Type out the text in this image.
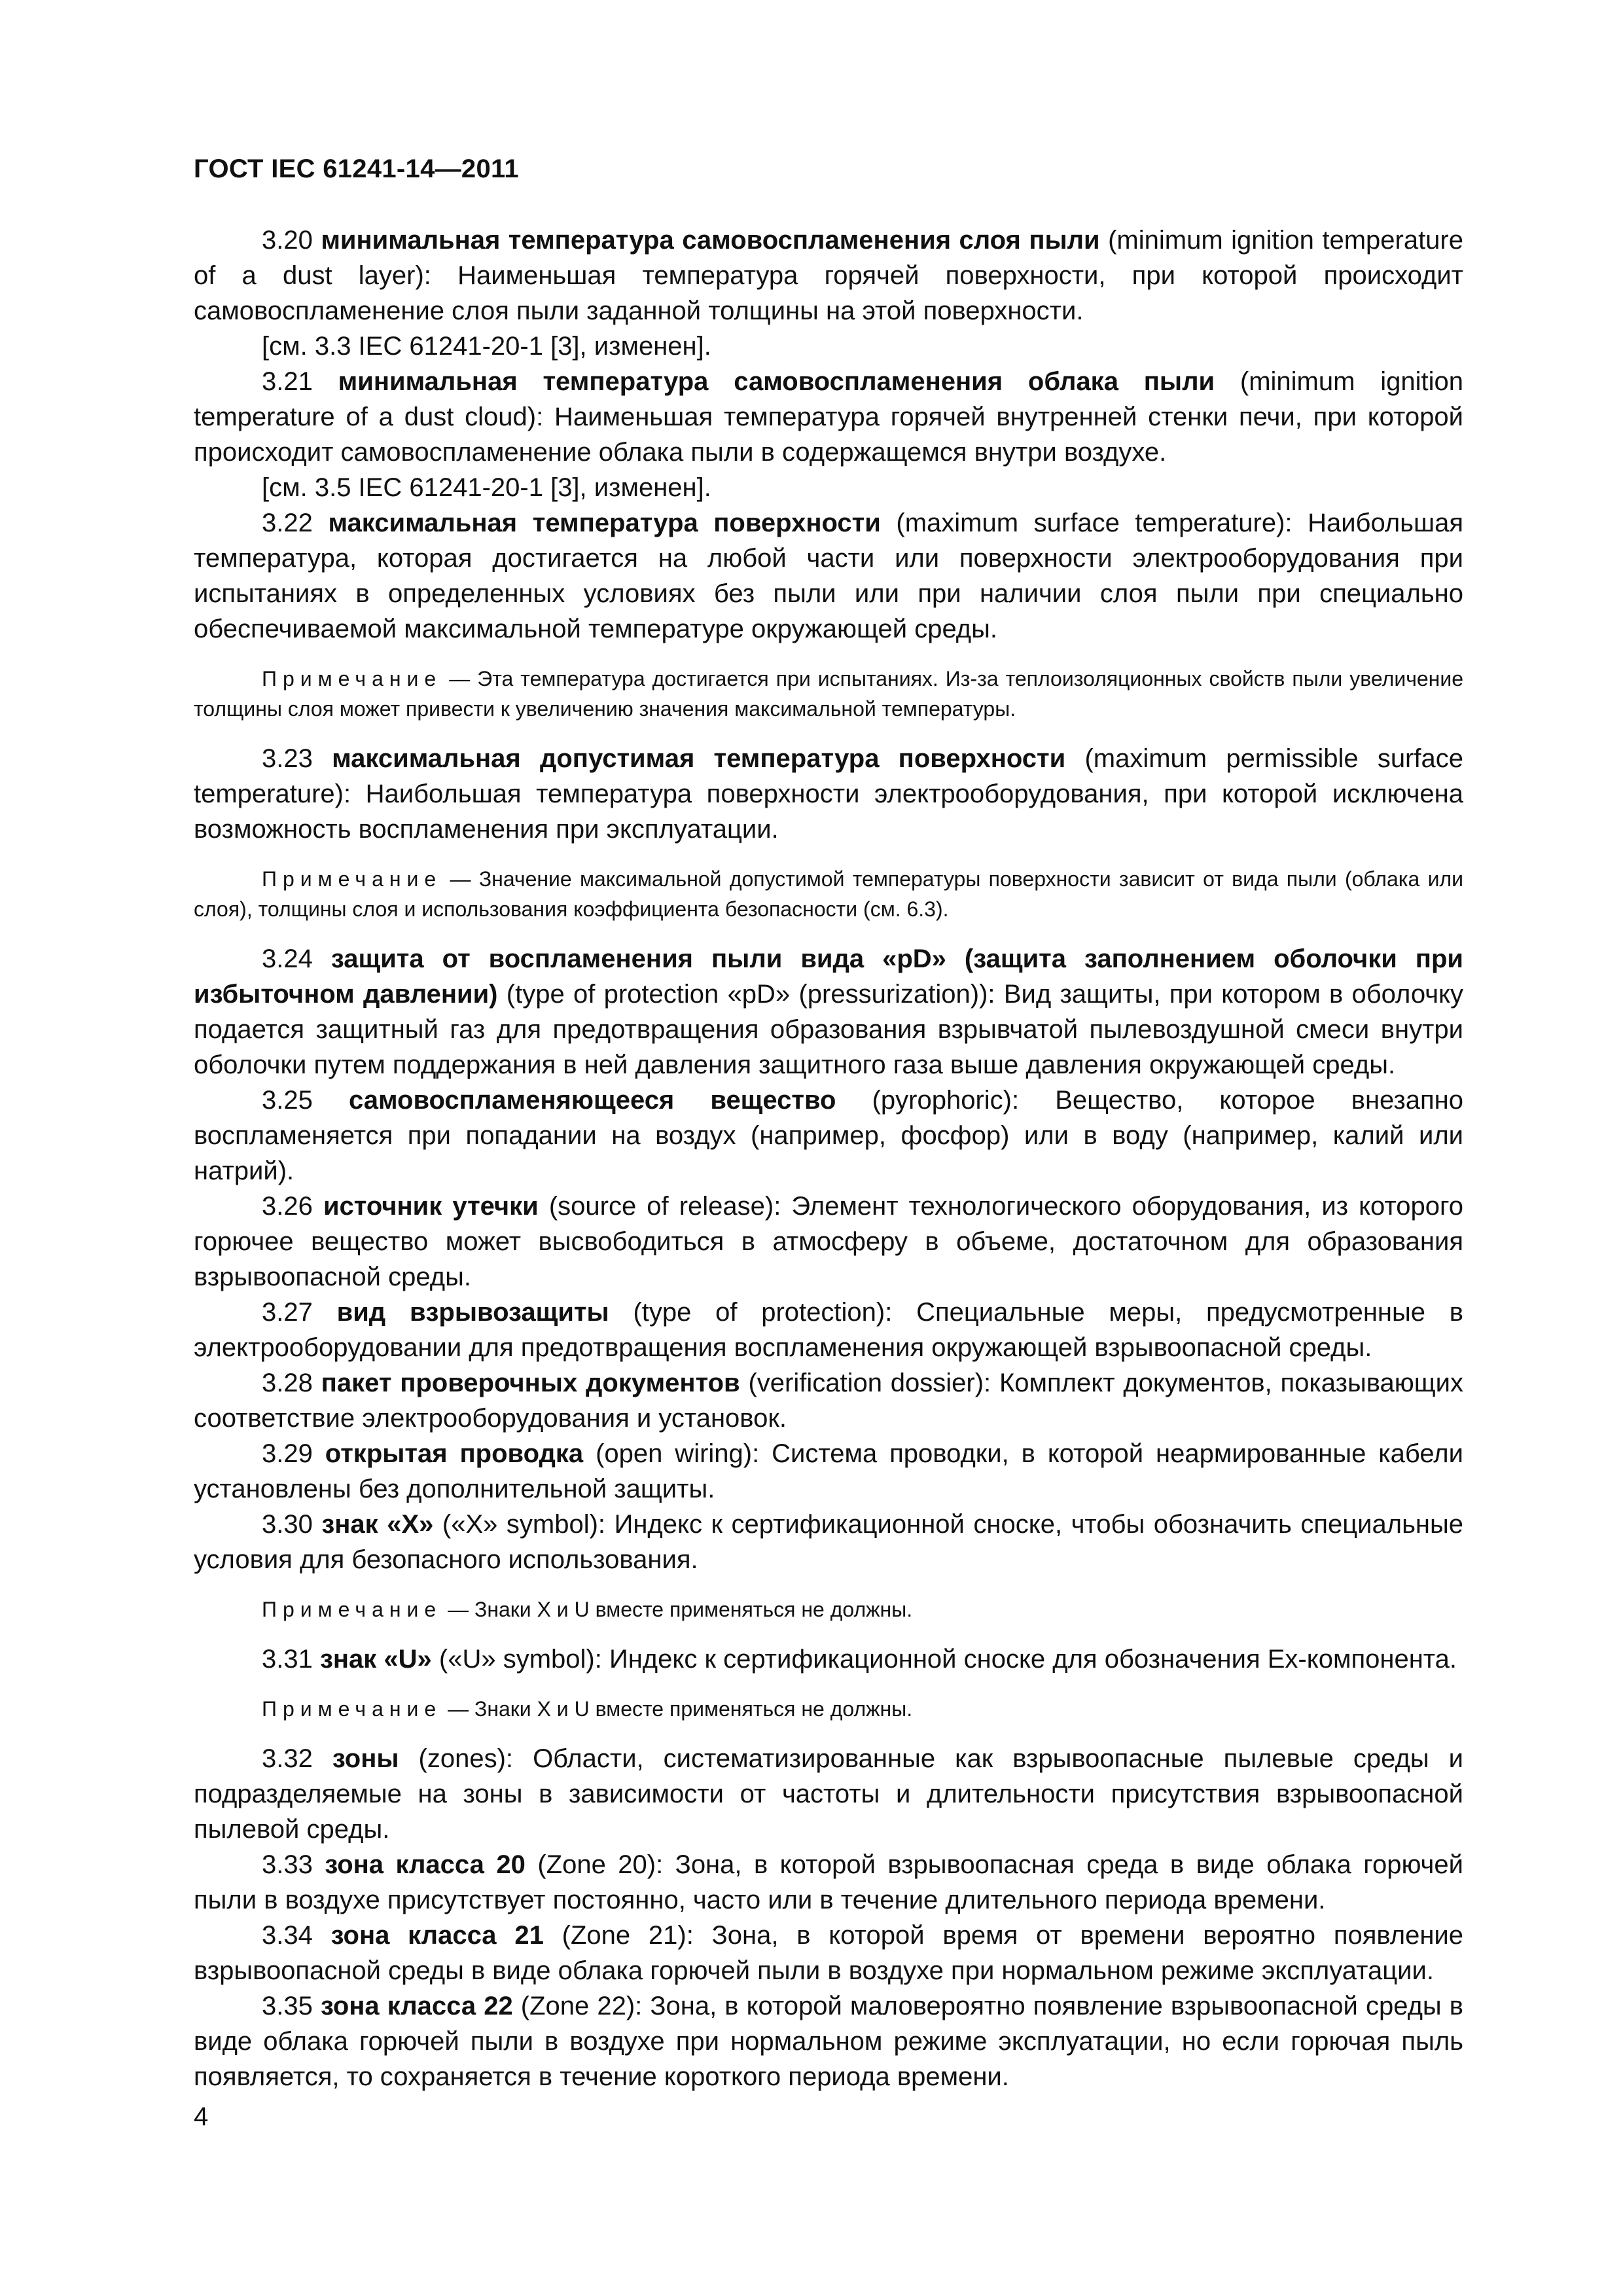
ГОСТ IEC 61241-14—2011

3.20 минимальная температура самовоспламенения слоя пыли (minimum ignition temperature of a dust layer): Наименьшая температура горячей поверхности, при которой происходит самовоспламенение слоя пыли заданной толщины на этой поверхности.

[см. 3.3 IEC 61241-20-1 [3], изменен].

3.21 минимальная температура самовоспламенения облака пыли (minimum ignition temperature of a dust cloud): Наименьшая температура горячей внутренней стенки печи, при которой происходит самовоспламенение облака пыли в содержащемся внутри воздухе.

[см. 3.5 IEC 61241-20-1 [3], изменен].

3.22 максимальная температура поверхности (maximum surface temperature): Наибольшая температура, которая достигается на любой части или поверхности электрооборудования при испытаниях в определенных условиях без пыли или при наличии слоя пыли при специально обеспечиваемой максимальной температуре окружающей среды.

Примечание — Эта температура достигается при испытаниях. Из-за теплоизоляционных свойств пыли увеличение толщины слоя может привести к увеличению значения максимальной температуры.

3.23 максимальная допустимая температура поверхности (maximum permissible surface temperature): Наибольшая температура поверхности электрооборудования, при которой исключена возможность воспламенения при эксплуатации.

Примечание — Значение максимальной допустимой температуры поверхности зависит от вида пыли (облака или слоя), толщины слоя и использования коэффициента безопасности (см. 6.3).

3.24 защита от воспламенения пыли вида «pD» (защита заполнением оболочки при избыточном давлении) (type of protection «pD» (pressurization)): Вид защиты, при котором в оболочку подается защитный газ для предотвращения образования взрывчатой пылевоздушной смеси внутри оболочки путем поддержания в ней давления защитного газа выше давления окружающей среды.

3.25 самовоспламеняющееся вещество (pyrophoric): Вещество, которое внезапно воспламеняется при попадании на воздух (например, фосфор) или в воду (например, калий или натрий).

3.26 источник утечки (source of release): Элемент технологического оборудования, из которого горючее вещество может высвободиться в атмосферу в объеме, достаточном для образования взрывоопасной среды.

3.27 вид взрывозащиты (type of protection): Специальные меры, предусмотренные в электрооборудовании для предотвращения воспламенения окружающей взрывоопасной среды.

3.28 пакет проверочных документов (verification dossier): Комплект документов, показывающих соответствие электрооборудования и установок.

3.29 открытая проводка (open wiring): Система проводки, в которой неармированные кабели установлены без дополнительной защиты.

3.30 знак «X» («X» symbol): Индекс к сертификационной сноске, чтобы обозначить специальные условия для безопасного использования.

Примечание — Знаки X и U вместе применяться не должны.

3.31 знак «U» («U» symbol): Индекс к сертификационной сноске для обозначения Ex-компонента.

Примечание — Знаки X и U вместе применяться не должны.

3.32 зоны (zones): Области, систематизированные как взрывоопасные пылевые среды и подразделяемые на зоны в зависимости от частоты и длительности присутствия взрывоопасной пылевой среды.

3.33 зона класса 20 (Zone 20): Зона, в которой взрывоопасная среда в виде облака горючей пыли в воздухе присутствует постоянно, часто или в течение длительного периода времени.

3.34 зона класса 21 (Zone 21): Зона, в которой время от времени вероятно появление взрывоопасной среды в виде облака горючей пыли в воздухе при нормальном режиме эксплуатации.

3.35 зона класса 22 (Zone 22): Зона, в которой маловероятно появление взрывоопасной среды в виде облака горючей пыли в воздухе при нормальном режиме эксплуатации, но если горючая пыль появляется, то сохраняется в течение короткого периода времени.

4
